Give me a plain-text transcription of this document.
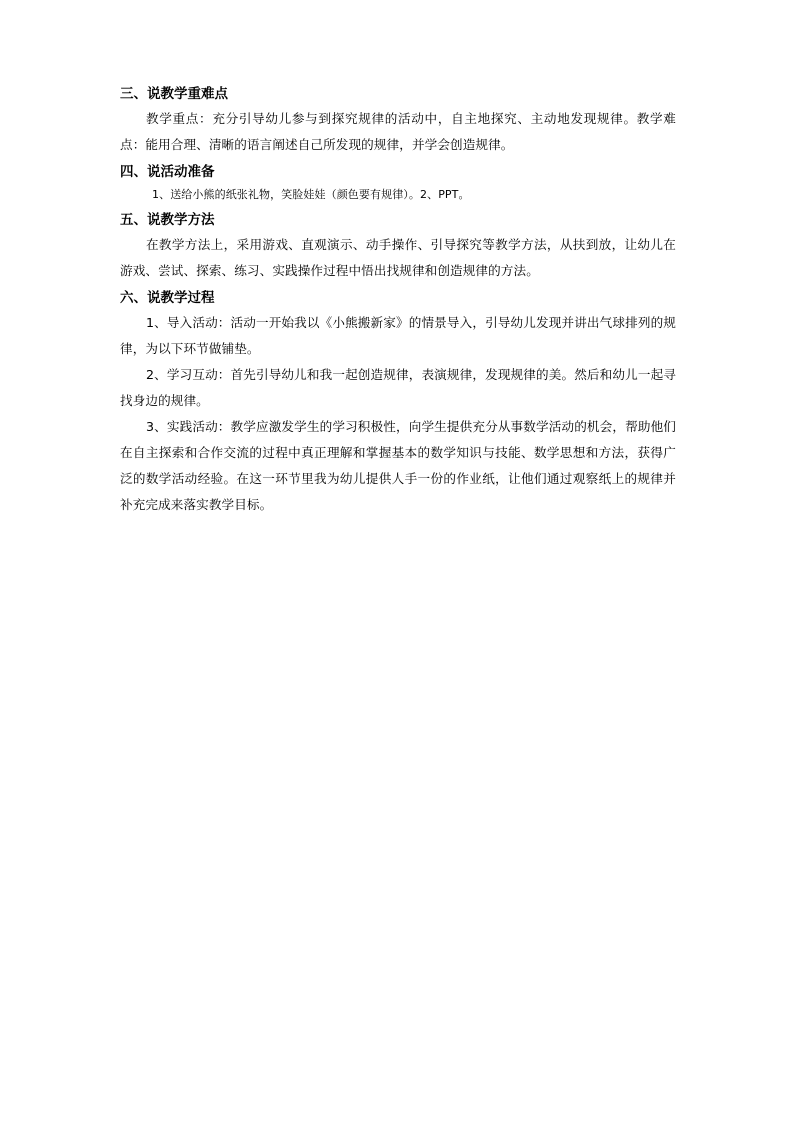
三、说教学重难点
教学重点：充分引导幼儿参与到探究规律的活动中，自主地探究、主动地发现规律。教学难点：能用合理、清晰的语言阐述自己所发现的规律，并学会创造规律。
四、说活动准备
1、送给小熊的纸张礼物，笑脸娃娃（颜色要有规律）。2、PPT。
五、说教学方法
在教学方法上，采用游戏、直观演示、动手操作、引导探究等教学方法，从扶到放，让幼儿在游戏、尝试、探索、练习、实践操作过程中悟出找规律和创造规律的方法。
六、说教学过程
1、导入活动：活动一开始我以《小熊搬新家》的情景导入，引导幼儿发现并讲出气球排列的规律，为以下环节做铺垫。
2、学习互动：首先引导幼儿和我一起创造规律，表演规律，发现规律的美。然后和幼儿一起寻找身边的规律。
3、实践活动：教学应激发学生的学习积极性，向学生提供充分从事数学活动的机会，帮助他们在自主探索和合作交流的过程中真正理解和掌握基本的数学知识与技能、数学思想和方法，获得广泛的数学活动经验。在这一环节里我为幼儿提供人手一份的作业纸，让他们通过观察纸上的规律并补充完成来落实教学目标。
